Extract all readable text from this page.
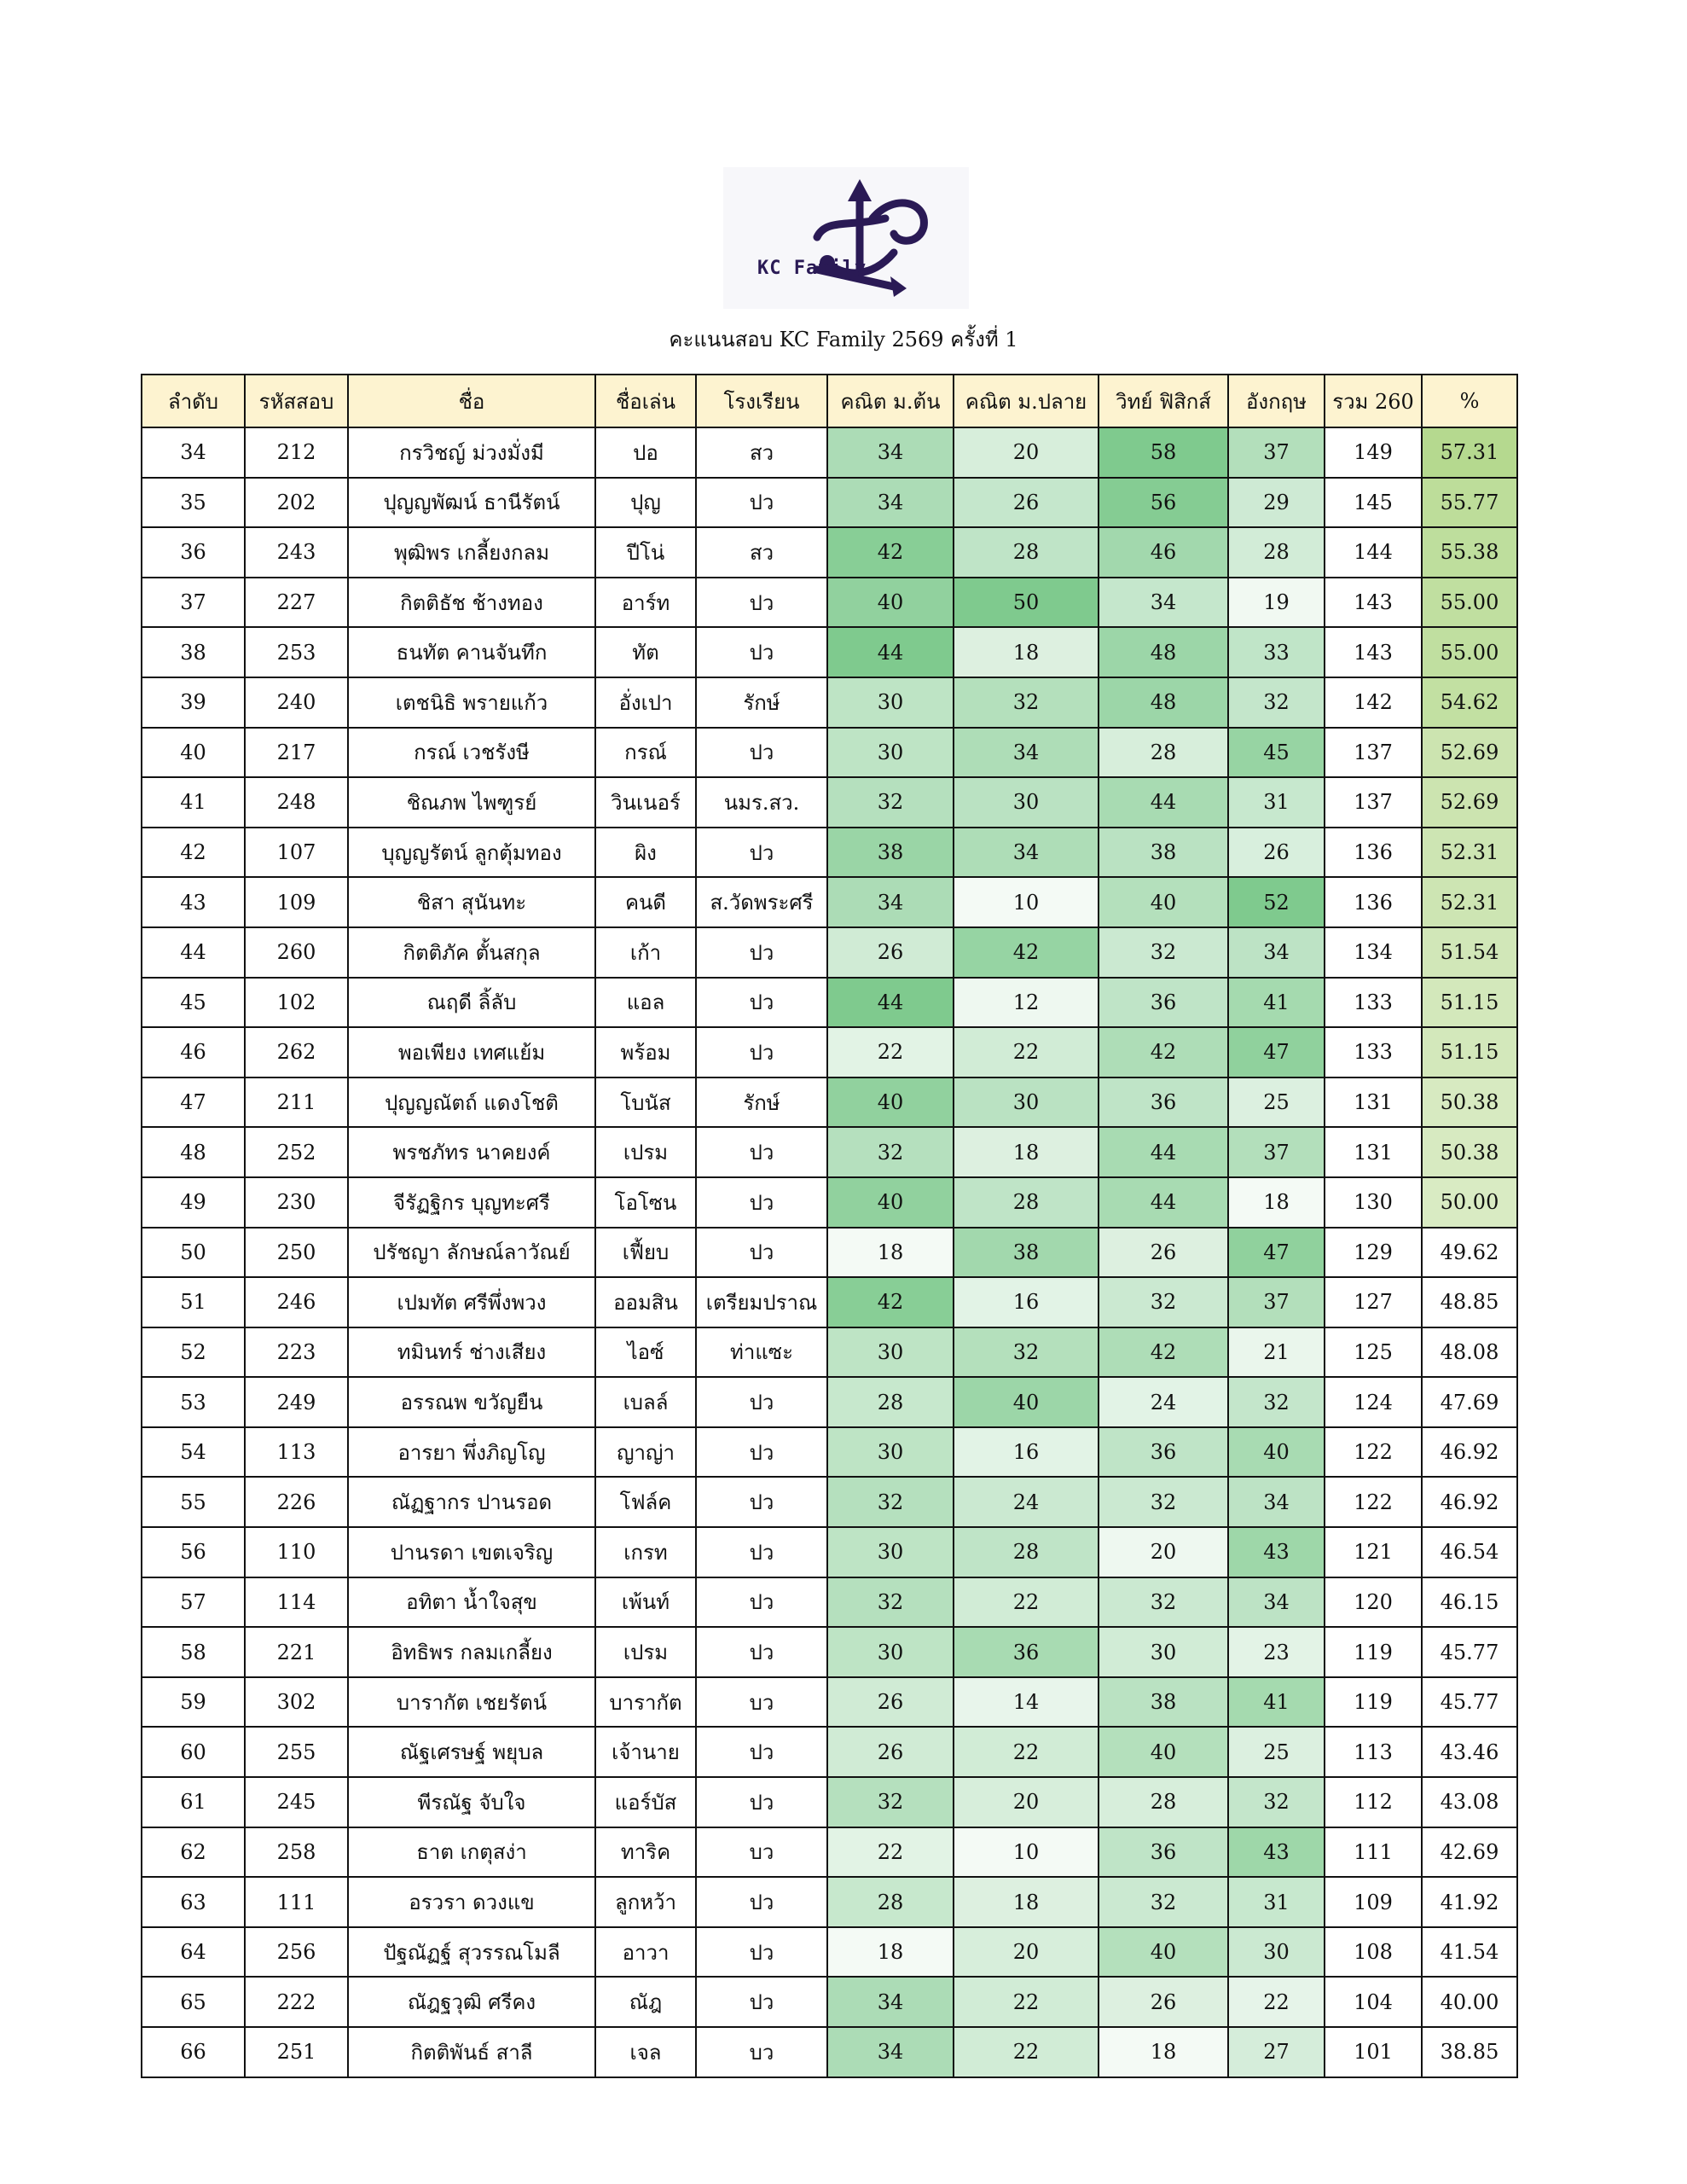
KC Family
คะแนนสอบ KC Family 2569 ครั้งที่ 1
ลำดับ	รหัสสอบ	ชื่อ	ชื่อเล่น	โรงเรียน	คณิต ม.ต้น	คณิต ม.ปลาย	วิทย์ ฟิสิกส์	อังกฤษ	รวม 260	%
34	212	กรวิชญ์ ม่วงมั่งมี	ปอ	สว	34	20	58	37	149	57.31
35	202	ปุญญพัฒน์ ธานีรัตน์	ปุญ	ปว	34	26	56	29	145	55.77
36	243	พุฒิพร เกลี้ยงกลม	ปีโน่	สว	42	28	46	28	144	55.38
37	227	กิตติธัช ช้างทอง	อาร์ท	ปว	40	50	34	19	143	55.00
38	253	ธนทัต คานจันทึก	ทัต	ปว	44	18	48	33	143	55.00
39	240	เตชนิธิ พรายแก้ว	อั่งเปา	รักษ์	30	32	48	32	142	54.62
40	217	กรณ์ เวชรังษี	กรณ์	ปว	30	34	28	45	137	52.69
41	248	ชิณภพ ไพฑูรย์	วินเนอร์	นมร.สว.	32	30	44	31	137	52.69
42	107	บุญญรัตน์ ลูกตุ้มทอง	ผิง	ปว	38	34	38	26	136	52.31
43	109	ชิสา สุนันทะ	คนดี	ส.วัดพระศรี	34	10	40	52	136	52.31
44	260	กิตติภัค ตั้นสกุล	เก้า	ปว	26	42	32	34	134	51.54
45	102	ณฤดี ลิ้ลับ	แอล	ปว	44	12	36	41	133	51.15
46	262	พอเพียง เทศแย้ม	พร้อม	ปว	22	22	42	47	133	51.15
47	211	ปุญญณัตถ์ แดงโชติ	โบนัส	รักษ์	40	30	36	25	131	50.38
48	252	พรชภัทร นาคยงค์	เปรม	ปว	32	18	44	37	131	50.38
49	230	จีรัฏฐิกร บุญทะศรี	โอโซน	ปว	40	28	44	18	130	50.00
50	250	ปรัชญา ลักษณ์ลาวัณย์	เฟี้ยบ	ปว	18	38	26	47	129	49.62
51	246	เปมทัต ศรีพึ่งพวง	ออมสิน	เตรียมปราณ	42	16	32	37	127	48.85
52	223	ทมินทร์ ช่างเสียง	ไอซ์	ท่าแซะ	30	32	42	21	125	48.08
53	249	อรรณพ ขวัญยืน	เบลล์	ปว	28	40	24	32	124	47.69
54	113	อารยา พึ่งภิญโญ	ญาญ่า	ปว	30	16	36	40	122	46.92
55	226	ณัฏฐากร ปานรอด	โฟล์ค	ปว	32	24	32	34	122	46.92
56	110	ปานรดา เขตเจริญ	เกรท	ปว	30	28	20	43	121	46.54
57	114	อทิตา น้ำใจสุข	เพ้นท์	ปว	32	22	32	34	120	46.15
58	221	อิทธิพร กลมเกลี้ยง	เปรม	ปว	30	36	30	23	119	45.77
59	302	บารากัต เชยรัตน์	บารากัต	บว	26	14	38	41	119	45.77
60	255	ณัฐเศรษฐ์ พยุบล	เจ้านาย	ปว	26	22	40	25	113	43.46
61	245	พีรณัฐ จับใจ	แอร์บัส	ปว	32	20	28	32	112	43.08
62	258	ธาต เกตุสง่า	ทาริค	บว	22	10	36	43	111	42.69
63	111	อรวรา ดวงแข	ลูกหว้า	ปว	28	18	32	31	109	41.92
64	256	ปัฐณัฏฐ์ สุวรรณโมลี	อาวา	ปว	18	20	40	30	108	41.54
65	222	ณัฎฐวุฒิ ศรีคง	ณัฎ	ปว	34	22	26	22	104	40.00
66	251	กิตติพันธ์ สาลี	เจล	บว	34	22	18	27	101	38.85
